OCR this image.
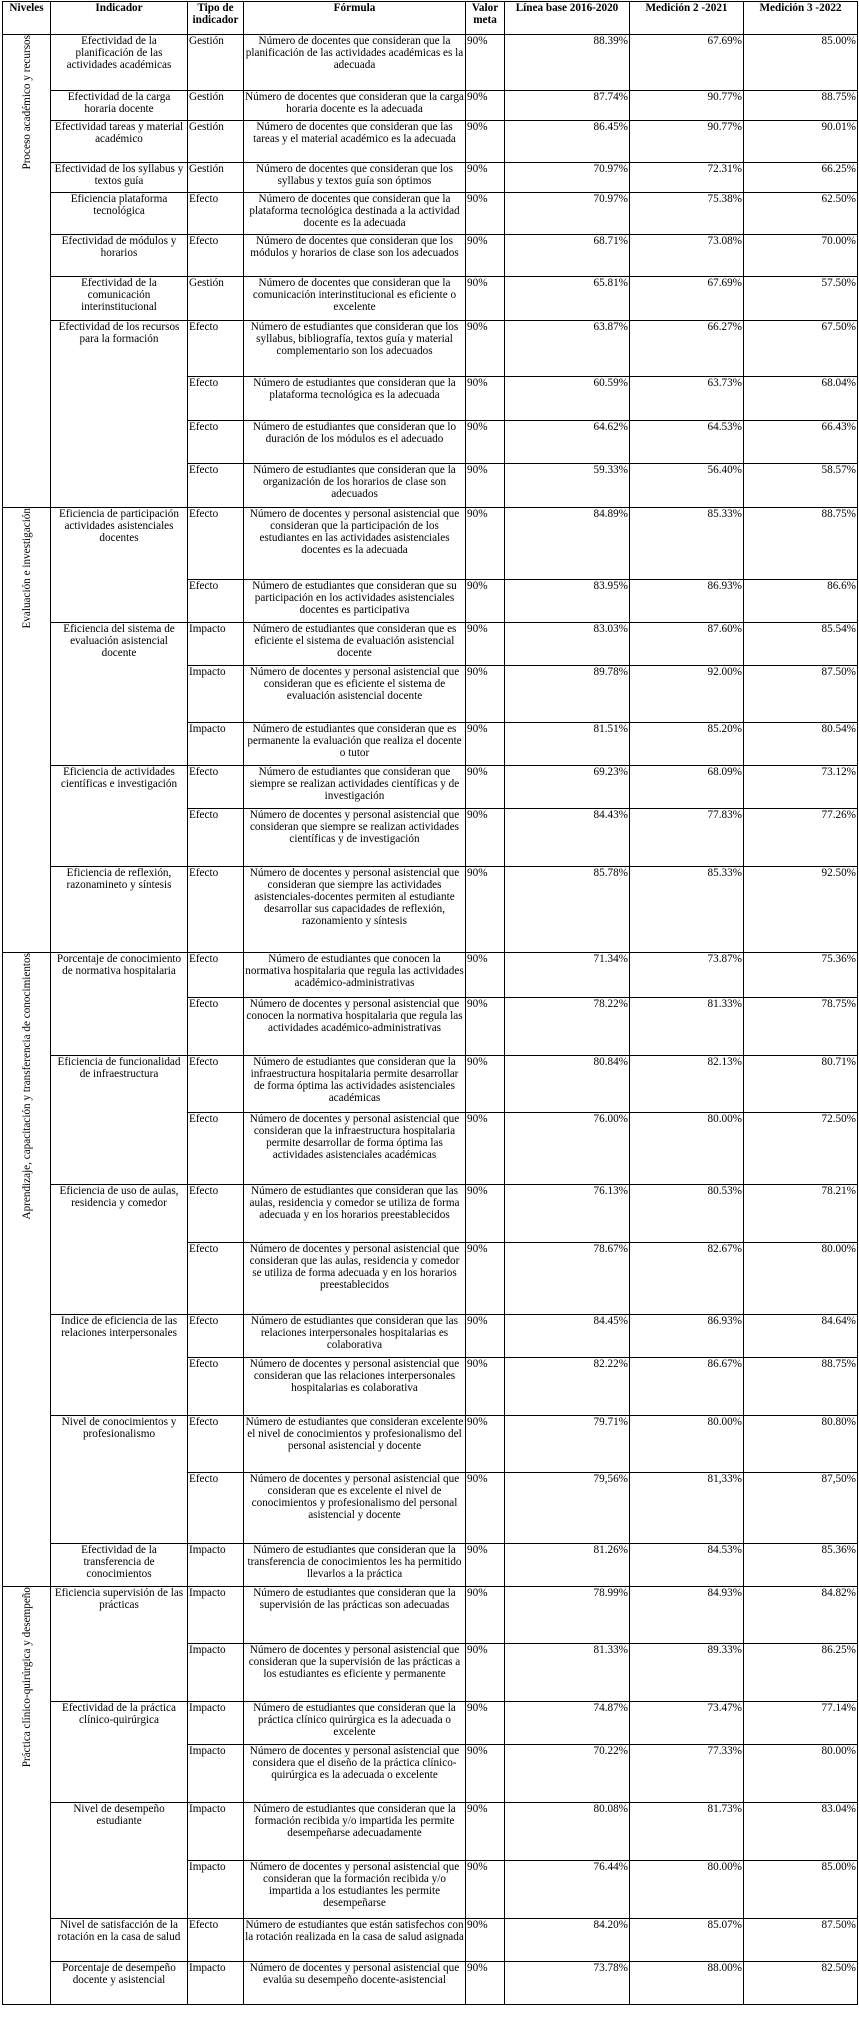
Niveles	Indicador	Tipo de indicador	Fórmula	Valor meta	Línea base 2016-2020	Medición 2 -2021	Medición 3 -2022
Proceso académico y recursos	Efectividad de la planificación de las actividades académicas	Gestión	Número de docentes que consideran que la planificación de las actividades académicas es la adecuada	90%	88.39%	67.69%	85.00%
	Efectividad de la carga horaria docente	Gestión	Número de docentes que consideran que la carga horaria docente es la adecuada	90%	87.74%	90.77%	88.75%
	Efectividad tareas y material académico	Gestión	Número de docentes que consideran que las tareas y el material académico es la adecuada	90%	86.45%	90.77%	90.01%
	Efectividad de los syllabus y textos guía	Gestión	Número de docentes que consideran que los syllabus y textos guía son óptimos	90%	70.97%	72.31%	66.25%
	Eficiencia plataforma tecnológica	Efecto	Número de docentes que consideran que la plataforma tecnológica destinada a la actividad docente es la adecuada	90%	70.97%	75.38%	62.50%
	Efectividad de módulos y horarios	Efecto	Número de docentes que consideran que los módulos y horarios de clase son los adecuados	90%	68.71%	73.08%	70.00%
	Efectividad de la comunicación interinstitucional	Gestión	Número de docentes que consideran que la comunicación interinstitucional es eficiente o excelente	90%	65.81%	67.69%	57.50%
	Efectividad de los recursos para la formación	Efecto	Número de estudiantes que consideran que los syllabus, bibliografía, textos guía y material complementario son los adecuados	90%	63.87%	66.27%	67.50%
		Efecto	Número de estudiantes que consideran que la plataforma tecnológica es la adecuada	90%	60.59%	63.73%	68.04%
		Efecto	Número de estudiantes que consideran que lo duración de los módulos es el adecuado	90%	64.62%	64.53%	66.43%
		Efecto	Número de estudiantes que consideran que la organización de los horarios de clase son adecuados	90%	59.33%	56.40%	58.57%
Evaluación e investigación	Eficiencia de participación actividades asistenciales docentes	Efecto	Número de docentes y personal asistencial que consideran que la participación de los estudiantes en las actividades asistenciales docentes es la adecuada	90%	84.89%	85.33%	88.75%
		Efecto	Número de estudiantes que consideran que su participación en los actividades asistenciales docentes es participativa	90%	83.95%	86.93%	86.6%
	Eficiencia del sistema de evaluación asistencial docente	Impacto	Número de estudiantes que consideran que es eficiente el sistema de evaluación asistencial docente	90%	83.03%	87.60%	85.54%
		Impacto	Número de docentes y personal asistencial que consideran que es eficiente el sistema de evaluación asistencial docente	90%	89.78%	92.00%	87.50%
		Impacto	Número de estudiantes que consideran que es permanente la evaluación que realiza el docente o tutor	90%	81.51%	85.20%	80.54%
	Eficiencia de actividades científicas e investigación	Efecto	Número de estudiantes que consideran que siempre se realizan actividades científicas y de investigación	90%	69.23%	68.09%	73.12%
		Efecto	Número de docentes y personal asistencial que consideran que siempre se realizan actividades científicas y de investigación	90%	84.43%	77.83%	77.26%
	Eficiencia de reflexión, razonamineto y síntesis	Efecto	Número de docentes y personal asistencial que consideran que siempre las actividades asistenciales-docentes permiten al estudiante desarrollar sus capacidades de reflexión, razonamiento y síntesis	90%	85.78%	85.33%	92.50%
Aprendizaje, capacitación y transferencia de conocimientos	Porcentaje de conocimiento de normativa hospitalaria	Efecto	Número de estudiantes que conocen la normativa hospitalaria que regula las actividades académico-administrativas	90%	71.34%	73.87%	75.36%
		Efecto	Número de docentes y personal asistencial que conocen la normativa hospitalaria que regula las actividades académico-administrativas	90%	78.22%	81.33%	78.75%
	Eficiencia de funcionalidad de infraestructura	Efecto	Número de estudiantes que consideran que la infraestructura hospitalaria permite desarrollar de forma óptima las actividades asistenciales académicas	90%	80.84%	82.13%	80.71%
		Efecto	Número de docentes y personal asistencial que consideran que la infraestructura hospitalaria permite desarrollar de forma óptima las actividades asistenciales académicas	90%	76.00%	80.00%	72.50%
	Eficiencia de uso de aulas, residencia y comedor	Efecto	Número de estudiantes que consideran que las aulas, residencia y comedor se utiliza de forma adecuada y en los horarios preestablecidos	90%	76.13%	80.53%	78.21%
		Efecto	Número de docentes y personal asistencial que consideran que las aulas, residencia y comedor se utiliza de forma adecuada y en los horarios preestablecidos	90%	78.67%	82.67%	80.00%
	Indice de eficiencia de las relaciones interpersonales	Efecto	Número de estudiantes que consideran que las relaciones interpersonales hospitalarias es colaborativa	90%	84.45%	86.93%	84.64%
		Efecto	Número de docentes y personal asistencial que consideran que las relaciones interpersonales hospitalarias es colaborativa	90%	82.22%	86.67%	88.75%
	Nivel de conocimientos y profesionalismo	Efecto	Número de estudiantes que consideran excelente el nivel de conocimientos y profesionalismo del personal asistencial y docente	90%	79.71%	80.00%	80.80%
		Efecto	Número de docentes y personal asistencial que consideran que es excelente el nivel de conocimientos y profesionalismo del personal asistencial y docente	90%	79,56%	81,33%	87,50%
	Efectividad de la transferencia de conocimientos	Impacto	Número de estudiantes que consideran que la transferencia de conocimientos les ha permitido llevarlos a la práctica	90%	81.26%	84.53%	85.36%
Práctica clínico-quirúrgica y desempeño	Eficiencia supervisión de las prácticas	Impacto	Número de estudiantes que consideran que la supervisión de las prácticas son adecuadas	90%	78.99%	84.93%	84.82%
		Impacto	Número de docentes y personal asistencial que consideran que la supervisión de las prácticas a los estudiantes es eficiente y permanente	90%	81.33%	89.33%	86.25%
	Efectividad de la práctica clínico-quirúrgica	Impacto	Número de estudiantes que consideran que la práctica clínico quirúrgica es la adecuada o excelente	90%	74.87%	73.47%	77.14%
		Impacto	Número de docentes y personal asistencial que considera que el diseño de la práctica clínico-quirúrgica es la adecuada o excelente	90%	70.22%	77.33%	80.00%
	Nivel de desempeño estudiante	Impacto	Número de estudiantes que consideran que la formación recibida y/o impartida les permite desempeñarse adecuadamente	90%	80.08%	81.73%	83.04%
		Impacto	Número de docentes y personal asistencial que consideran que la formación recibida y/o impartida a los estudiantes les permite desempeñarse	90%	76.44%	80.00%	85.00%
	Nivel de satisfacción de la rotación en la casa de salud	Efecto	Número de estudiantes que están satisfechos con la rotación realizada en la casa de salud asignada	90%	84.20%	85.07%	87.50%
	Porcentaje de desempeño docente y asistencial	Impacto	Número de docentes y personal asistencial que evalúa su desempeño docente-asistencial	90%	73.78%	88.00%	82.50%
